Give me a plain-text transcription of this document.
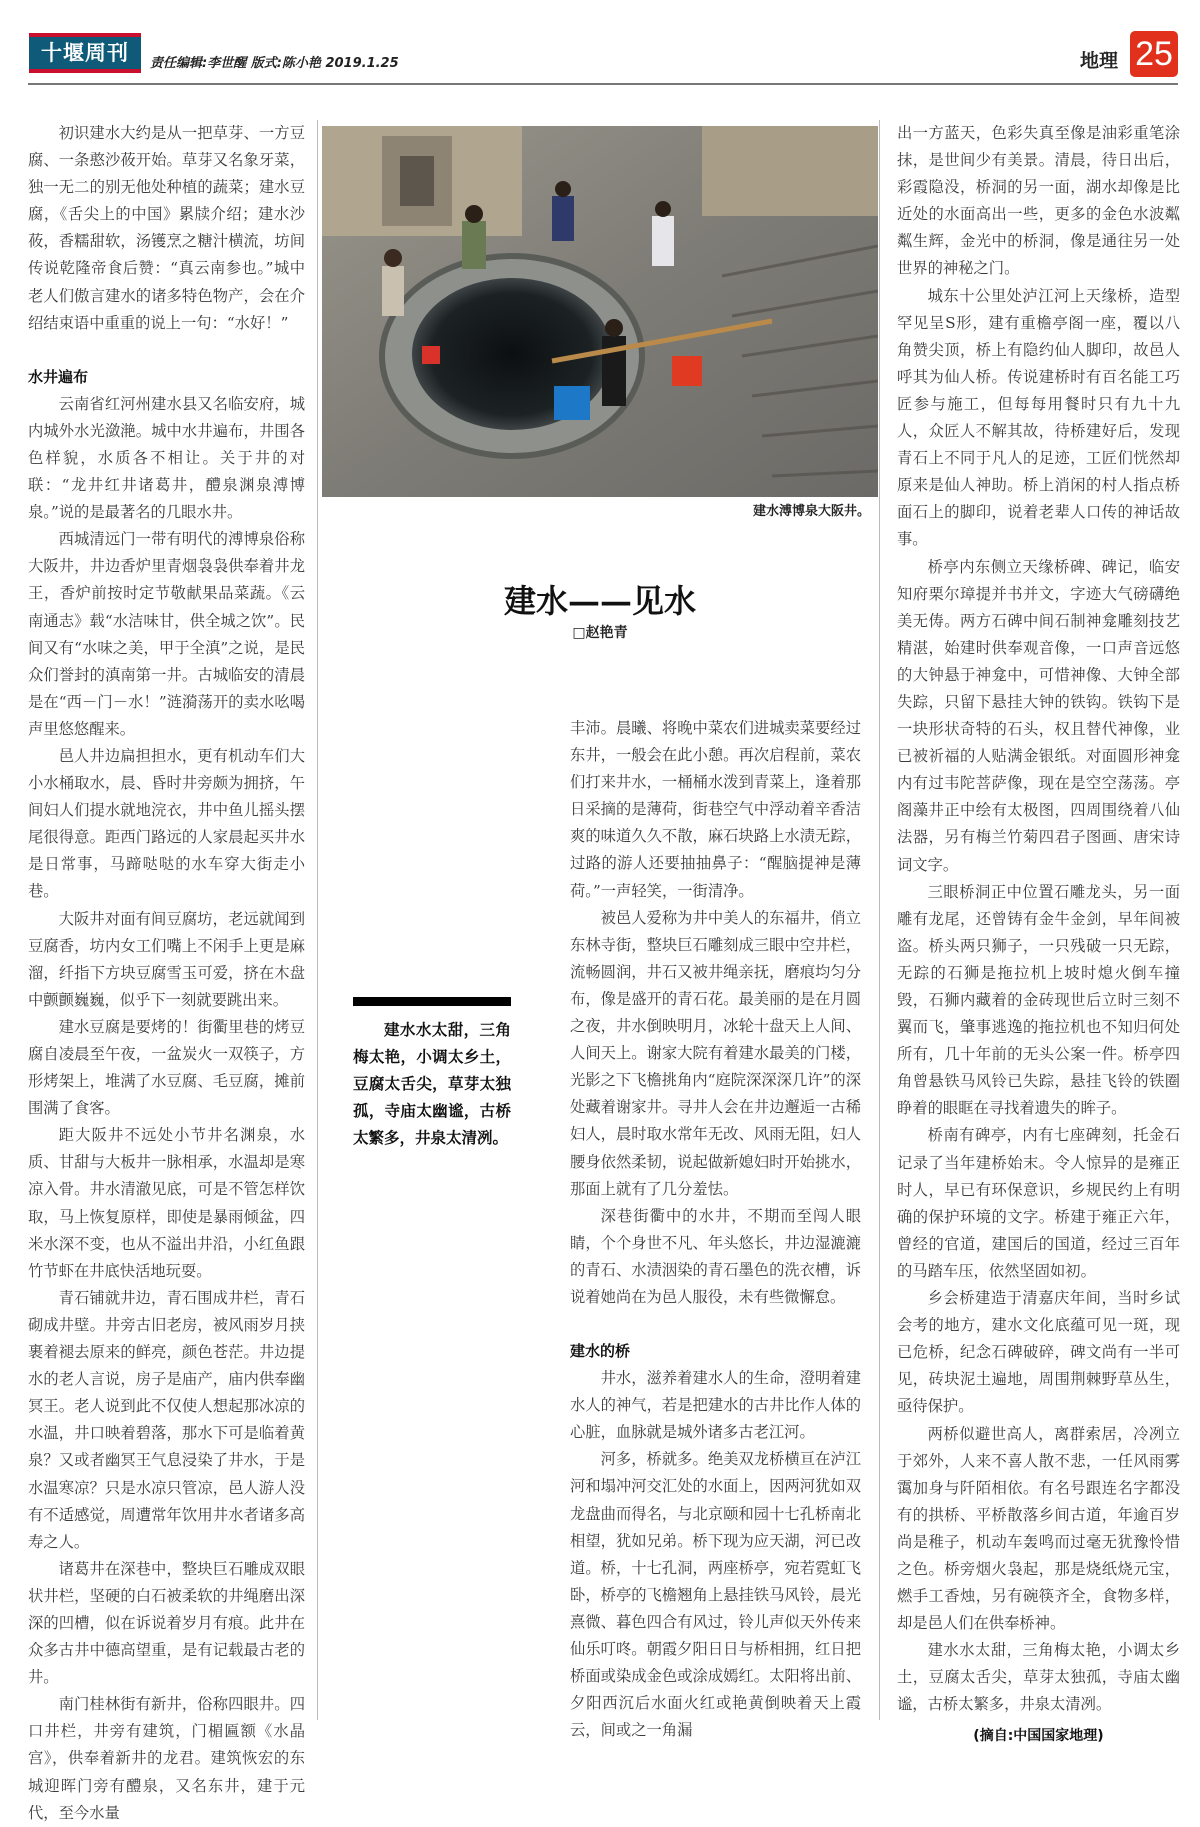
十堰周刊	责任编辑:李世醒 版式:陈小艳 2019.1.25	地理 25

初识建水大约是从一把草芽、一方豆腐、一条憨沙莜开始。草芽又名象牙菜，独一无二的别无他处种植的蔬菜；建水豆腐，《舌尖上的中国》累牍介绍；建水沙莜，香糯甜软，汤镬烹之糖汁横流，坊间传说乾隆帝食后赞：“真云南参也。”城中老人们傲言建水的诸多特色物产，会在介绍结束语中重重的说上一句：“水好！”

水井遍布

云南省红河州建水县又名临安府，城内城外水光潋滟。城中水井遍布，井围各色样貌，水质各不相让。关于井的对联：“龙井红井诸葛井，醴泉渊泉溥博泉。”说的是最著名的几眼水井。

西城清远门一带有明代的溥博泉俗称大阪井，井边香炉里青烟袅袅供奉着井龙王，香炉前按时定节敬献果品菜蔬。《云南通志》载“水洁味甘，供全城之饮”。民间又有“水味之美，甲于全滇”之说，是民众们誉封的滇南第一井。古城临安的清晨是在“西－门－水！”涟漪荡开的卖水吆喝声里悠悠醒来。

邑人井边扁担担水，更有机动车们大小水桶取水，晨、昏时井旁颇为拥挤，午间妇人们提水就地浣衣，井中鱼儿摇头摆尾很得意。距西门路远的人家晨起买井水是日常事，马蹄哒哒的水车穿大街走小巷。

大阪井对面有间豆腐坊，老远就闻到豆腐香，坊内女工们嘴上不闲手上更是麻溜，纤指下方块豆腐雪玉可爱，挤在木盘中颤颤巍巍，似乎下一刻就要跳出来。

建水豆腐是要烤的！街衢里巷的烤豆腐自凌晨至午夜，一盆炭火一双筷子，方形烤架上，堆满了水豆腐、毛豆腐，摊前围满了食客。

距大阪井不远处小节井名渊泉，水质、甘甜与大板井一脉相承，水温却是寒凉入骨。井水清澈见底，可是不管怎样饮取，马上恢复原样，即使是暴雨倾盆，四米水深不变，也从不溢出井沿，小红鱼跟竹节虾在井底快活地玩耍。

青石铺就井边，青石围成井栏，青石砌成井壁。井旁古旧老房，被风雨岁月挟裹着褪去原来的鲜亮，颜色苍茫。井边提水的老人言说，房子是庙产，庙内供奉幽冥王。老人说到此不仅使人想起那冰凉的水温，井口映着碧落，那水下可是临着黄泉？又或者幽冥王气息浸染了井水，于是水温寒凉？只是水凉只管凉，邑人游人没有不适感觉，周遭常年饮用井水者诸多高寿之人。

诸葛井在深巷中，整块巨石雕成双眼状井栏，坚硬的白石被柔软的井绳磨出深深的凹槽，似在诉说着岁月有痕。此井在众多古井中德高望重，是有记载最古老的井。

南门桂林街有新井，俗称四眼井。四口井栏，井旁有建筑，门楣匾额《水晶宫》，供奉着新井的龙君。建筑恢宏的东城迎晖门旁有醴泉，又名东井，建于元代，至今水量

建水溥博泉大阪井。
建水——见水
□赵艳青

建水水太甜，三角梅太艳，小调太乡土，豆腐太舌尖，草芽太独孤，寺庙太幽谧，古桥太繁多，井泉太清冽。

丰沛。晨曦、将晚中菜农们进城卖菜要经过东井，一般会在此小憩。再次启程前，菜农们打来井水，一桶桶水泼到青菜上，逢着那日采摘的是薄荷，街巷空气中浮动着辛香洁爽的味道久久不散，麻石块路上水渍无踪，过路的游人还要抽抽鼻子：“醒脑提神是薄荷。”一声轻笑，一街清净。

被邑人爱称为井中美人的东福井，俏立东林寺街，整块巨石雕刻成三眼中空井栏，流畅圆润，井石又被井绳亲抚，磨痕均匀分布，像是盛开的青石花。最美丽的是在月圆之夜，井水倒映明月，冰轮十盘天上人间、人间天上。谢家大院有着建水最美的门楼，光影之下飞檐挑角内“庭院深深深几许”的深处藏着谢家井。寻井人会在井边邂逅一古稀妇人，晨时取水常年无改、风雨无阻，妇人腰身依然柔韧，说起做新媳妇时开始挑水，那面上就有了几分羞怯。

深巷街衢中的水井，不期而至闯人眼睛，个个身世不凡、年头悠长，井边湿漉漉的青石、水渍洇染的青石墨色的洗衣槽，诉说着她尚在为邑人服役，未有些微懈怠。

建水的桥

井水，滋养着建水人的生命，澄明着建水人的神气，若是把建水的古井比作人体的心脏，血脉就是城外诸多古老江河。

河多，桥就多。绝美双龙桥横亘在泸江河和塌冲河交汇处的水面上，因两河犹如双龙盘曲而得名，与北京颐和园十七孔桥南北相望，犹如兄弟。桥下现为应天湖，河已改道。桥，十七孔洞，两座桥亭，宛若霓虹飞卧，桥亭的飞檐翘角上悬挂铁马风铃，晨光熹微、暮色四合有风过，铃儿声似天外传来仙乐叮咚。朝霞夕阳日日与桥相拥，红日把桥面或染成金色或涂成嫣红。太阳将出前、夕阳西沉后水面火红或艳黄倒映着天上霞云，间或之一角漏

出一方蓝天，色彩失真至像是油彩重笔涂抹，是世间少有美景。清晨，待日出后，彩霞隐没，桥洞的另一面，湖水却像是比近处的水面高出一些，更多的金色水波粼粼生辉，金光中的桥洞，像是通往另一处世界的神秘之门。

城东十公里处泸江河上天缘桥，造型罕见呈S形，建有重檐亭阁一座，覆以八角赞尖顶，桥上有隐约仙人脚印，故邑人呼其为仙人桥。传说建桥时有百名能工巧匠参与施工，但每每用餐时只有九十九人，众匠人不解其故，待桥建好后，发现青石上不同于凡人的足迹，工匠们恍然却原来是仙人神助。桥上消闲的村人指点桥面石上的脚印，说着老辈人口传的神话故事。

桥亭内东侧立天缘桥碑、碑记，临安知府栗尔璋提并书并文，字迹大气磅礴绝美无俦。两方石碑中间石制神龛雕刻技艺精湛，始建时供奉观音像，一口声音远悠的大钟悬于神龛中，可惜神像、大钟全部失踪，只留下悬挂大钟的铁钩。铁钩下是一块形状奇特的石头，权且替代神像，业已被祈福的人贴满金银纸。对面圆形神龛内有过韦陀菩萨像，现在是空空荡荡。亭阁藻井正中绘有太极图，四周围绕着八仙法器，另有梅兰竹菊四君子图画、唐宋诗词文字。

三眼桥洞正中位置石雕龙头，另一面雕有龙尾，还曾铸有金牛金剑，早年间被盗。桥头两只狮子，一只残破一只无踪，无踪的石狮是拖拉机上坡时熄火倒车撞毁，石狮内藏着的金砖现世后立时三刻不翼而飞，肇事逃逸的拖拉机也不知归何处所有，几十年前的无头公案一件。桥亭四角曾悬铁马风铃已失踪，悬挂飞铃的铁圈睁着的眼眶在寻找着遗失的眸子。

桥南有碑亭，内有七座碑刻，托金石记录了当年建桥始末。令人惊异的是雍正时人，早已有环保意识，乡规民约上有明确的保护环境的文字。桥建于雍正六年，曾经的官道，建国后的国道，经过三百年的马踏车压，依然坚固如初。

乡会桥建造于清嘉庆年间，当时乡试会考的地方，建水文化底蕴可见一斑，现已危桥，纪念石碑破碎，碑文尚有一半可见，砖块泥土遍地，周围荆棘野草丛生，亟待保护。

两桥似避世高人，离群索居，冷冽立于郊外，人来不喜人散不悲，一任风雨雾霭加身与阡陌相依。有名号跟连名字都没有的拱桥、平桥散落乡间古道，年逾百岁尚是稚子，机动车轰鸣而过毫无犹豫怜惜之色。桥旁烟火袅起，那是烧纸烧元宝，燃手工香烛，另有碗筷齐全，食物多样，却是邑人们在供奉桥神。

建水水太甜，三角梅太艳，小调太乡土，豆腐太舌尖，草芽太独孤，寺庙太幽谧，古桥太繁多，井泉太清冽。

(摘自:中国国家地理)
